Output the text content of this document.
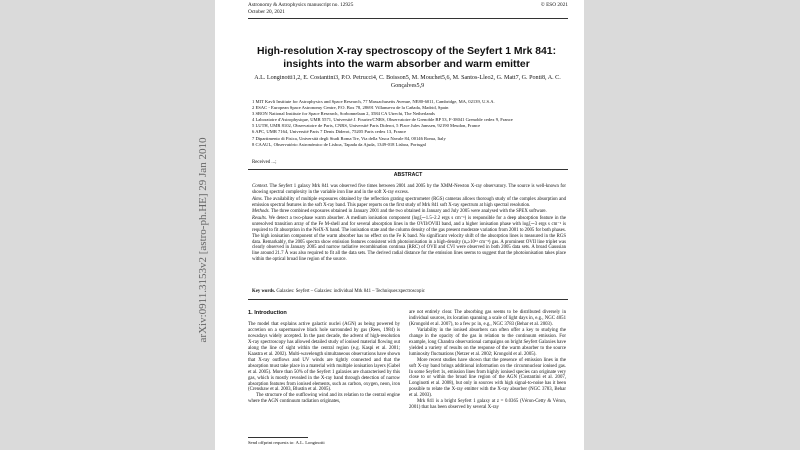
arXiv:0911.3153v2 [astro-ph.HE] 29 Jan 2010
Astronomy & Astrophysics manuscript no. 12925
October 20, 2021
© ESO 2021
High-resolution X-ray spectroscopy of the Seyfert 1 Mrk 841:
insights into the warm absorber and warm emitter
A.L. Longinotti1,2, E. Costantini3, P.O. Petrucci4, C. Boisson5, M. Mouchet5,6, M. Santos-Lleo2, G. Matt7, G. Ponti8, A. C. Gonçalves5,9
1 MIT Kavli Institute for Astrophysics and Space Research, 77 Massachusetts Avenue, NE80-6011, Cambridge, MA, 02139, U.S.A.
2 ESAC - European Space Astronomy Centre, P.O. Box 78, 28691 Villanueva de la Cañada, Madrid, Spain
3 SRON National Institute for Space Research, Sorbonnelaan 2, 3584 CA Utrecht, The Netherlands
4 Laboratoire d'Astrophysique, UMR 5571, Université J. Fourier/CNRS, Observatoire de Grenoble BP 53, F-38041 Grenoble cedex 9, France
5 LUTH, UMR 8102, Observatoire de Paris, CNRS, Université Paris Diderot, 5 Place Jules Janssen, 92190 Meudon, France
6 APC, UMR 7164, Université Paris 7 Denis Diderot, 75205 Paris cedex 13, France
7 Dipartimento di Fisica, Università degli Studi Roma Tre, Via della Vasca Navale 84, 00146 Roma, Italy
8 CAAUL, Observatório Astronómico de Lisboa, Tapada da Ajuda, 1349-018 Lisboa, Portugal
Received ...;
ABSTRACT

Context. The Seyfert 1 galaxy Mrk 841 was observed five times between 2001 and 2005 by the XMM-Newton X-ray observatory. The source is well-known for showing spectral complexity in the variable iron line and in the soft X-ray excess.

Aims. The availability of multiple exposures obtained by the reflection grating spectrometer (RGS) cameras allows thorough study of the complex absorption and emission spectral features in the soft X-ray band. This paper reports on the first study of Mrk 841 soft X-ray spectrum at high spectral resolution.

Methods. The three combined exposures obtained in January 2001 and the two obtained in January and July 2005 were analysed with the SPEX software.

Results. We detect a two-phase warm absorber. A medium ionisation component (logξ∼1.5–2.2 ergs s cm⁻¹) is responsible for a deep absorption feature in the unresolved transition array of the Fe M-shell and for several absorption lines in the OVII/OVIII band, and a higher ionisation phase with logξ∼3 ergs s cm⁻¹ is required to fit absorption in the NeIX-X band. The ionisation state and the column density of the gas present moderate variation from 2001 to 2005 for both phases. The high ionisation component of the warm absorber has no effect on the Fe K band. No significant velocity shift of the absorption lines is measured in the RGS data. Remarkably, the 2005 spectra show emission features consistent with photoionisation in a high-density (nₑ≥10¹¹ cm⁻³) gas. A prominent OVII line triplet was clearly observed in January 2005 and narrow radiative recombination continua (RRC) of OVII and CVI were observed in both 2005 data sets. A broad Gaussian line around 21.7 Å was also required to fit all the data sets. The derived radial distance for the emission lines seems to suggest that the photoionisation takes place within the optical broad line region of the source.

Key words. Galaxies: Seyfert – Galaxies: individual Mrk 841 – Techniques:spectroscopic
1. Introduction

The model that explains active galactic nuclei (AGN) as being powered by accretion on a supermassive black hole surrounded by gas (Rees, 1984) is nowadays widely accepted. In the past decade, the advent of high-resolution X-ray spectroscopy has allowed detailed study of ionised material flowing out along the line of sight within the central region (e.g. Kaspi et al. 2001; Kaastra et al. 2002). Multi-wavelength simultaneous observations have shown that X-ray outflows and UV winds are tightly connected and that the absorption must take place in a material with multiple ionisation layers (Gabel et al. 2005). More than 50% of the Seyfert 1 galaxies are characterised by this gas, which is mostly revealed in the X-ray band through detection of narrow absorption features from ionised elements, such as carbon, oxygen, neon, iron (Crenshaw et al. 2003, Blustin et al. 2005).

The structure of the outflowing wind and its relation to the central engine where the AGN continuum radiation originates,

are not entirely clear. The absorbing gas seems to be distributed diversely in individual sources, its location spanning a scale of light days in, e.g., NGC 4051 (Krongold et al. 2007), to a few pc in, e.g., NGC 3783 (Behar et al. 2003).

Variability in the ionised absorbers can often offer a key to studying the change in the opacity of the gas in relation to the continuum emission. For example, long Chandra observational campaigns on bright Seyfert Galaxies have yielded a variety of results on the response of the warm absorber to the source luminosity fluctuations (Netzer et al. 2002; Krongold et al. 2005).

More recent studies have shown that the presence of emission lines in the soft X-ray band brings additional information on the circumnuclear ionised gas. In some Seyfert 1s, emission lines from highly ionised species can originate very close to or within the broad line region of the AGN (Costantini et al. 2007, Longinotti et al. 2008), but only in sources with high signal-to-noise has it been possible to relate the X-ray emitter with the X-ray absorber (NGC 3783, Behar et al. 2003).

Mrk 841 is a bright Seyfert 1 galaxy at z = 0.0365 (Véron-Cetty & Véron, 2001) that has been observed by several X-ray

Send offprint requests to: A.L. Longinotti
